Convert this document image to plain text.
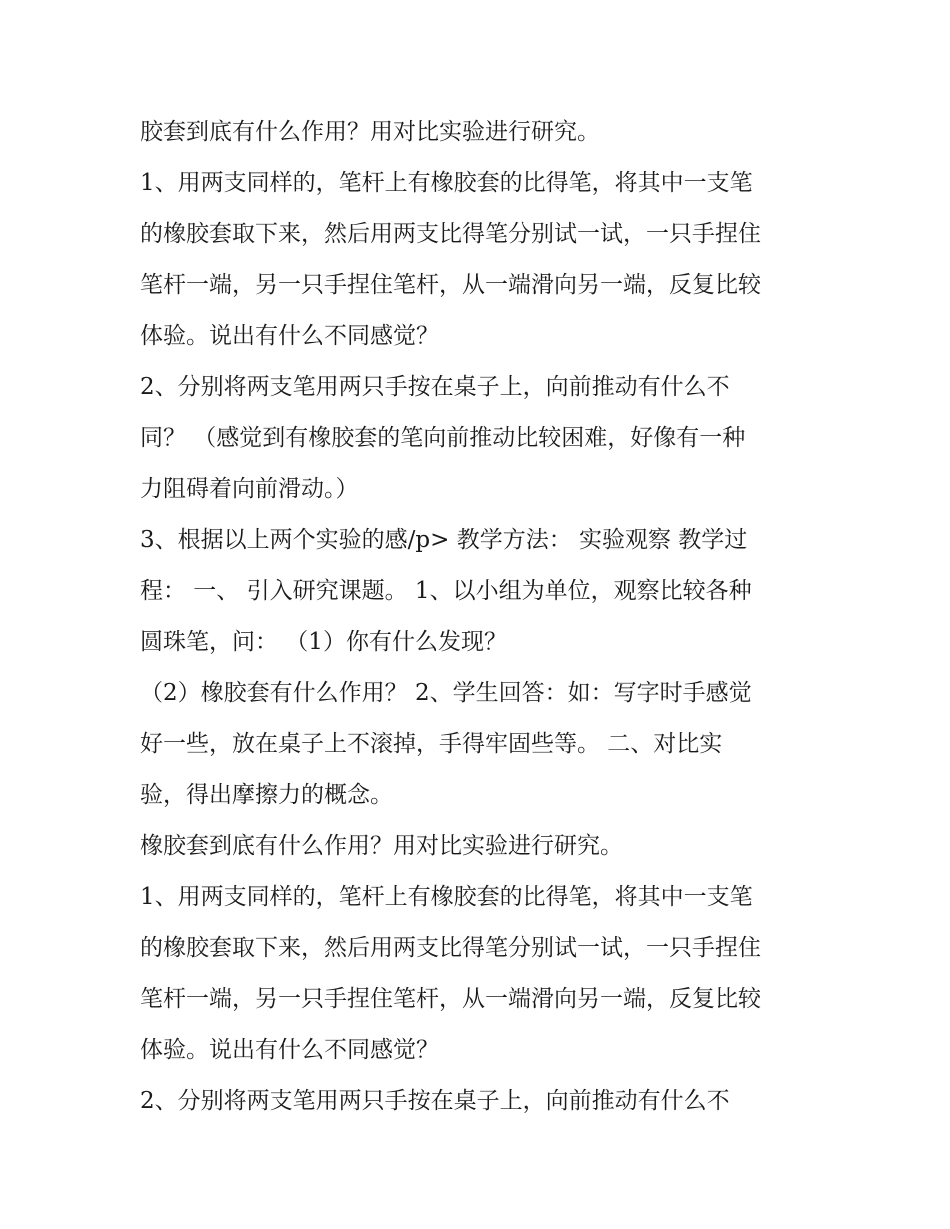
胶套到底有什么作用？用对比实验进行研究。
1、用两支同样的，笔杆上有橡胶套的比得笔，将其中一支笔
的橡胶套取下来，然后用两支比得笔分别试一试，一只手捏住
笔杆一端，另一只手捏住笔杆，从一端滑向另一端，反复比较
体验。说出有什么不同感觉？
2、分别将两支笔用两只手按在桌子上，向前推动有什么不
同？ （感觉到有橡胶套的笔向前推动比较困难，好像有一种
力阻碍着向前滑动。）
3、根据以上两个实验的感/p> 教学方法： 实验观察 教学过
程： 一、 引入研究课题。 1、以小组为单位，观察比较各种
圆珠笔，问： （1）你有什么发现？
（2）橡胶套有什么作用？ 2、学生回答：如：写字时手感觉
好一些，放在桌子上不滚掉，手得牢固些等。 二、对比实
验，得出摩擦力的概念。
橡胶套到底有什么作用？用对比实验进行研究。
1、用两支同样的，笔杆上有橡胶套的比得笔，将其中一支笔
的橡胶套取下来，然后用两支比得笔分别试一试，一只手捏住
笔杆一端，另一只手捏住笔杆，从一端滑向另一端，反复比较
体验。说出有什么不同感觉？
2、分别将两支笔用两只手按在桌子上，向前推动有什么不
